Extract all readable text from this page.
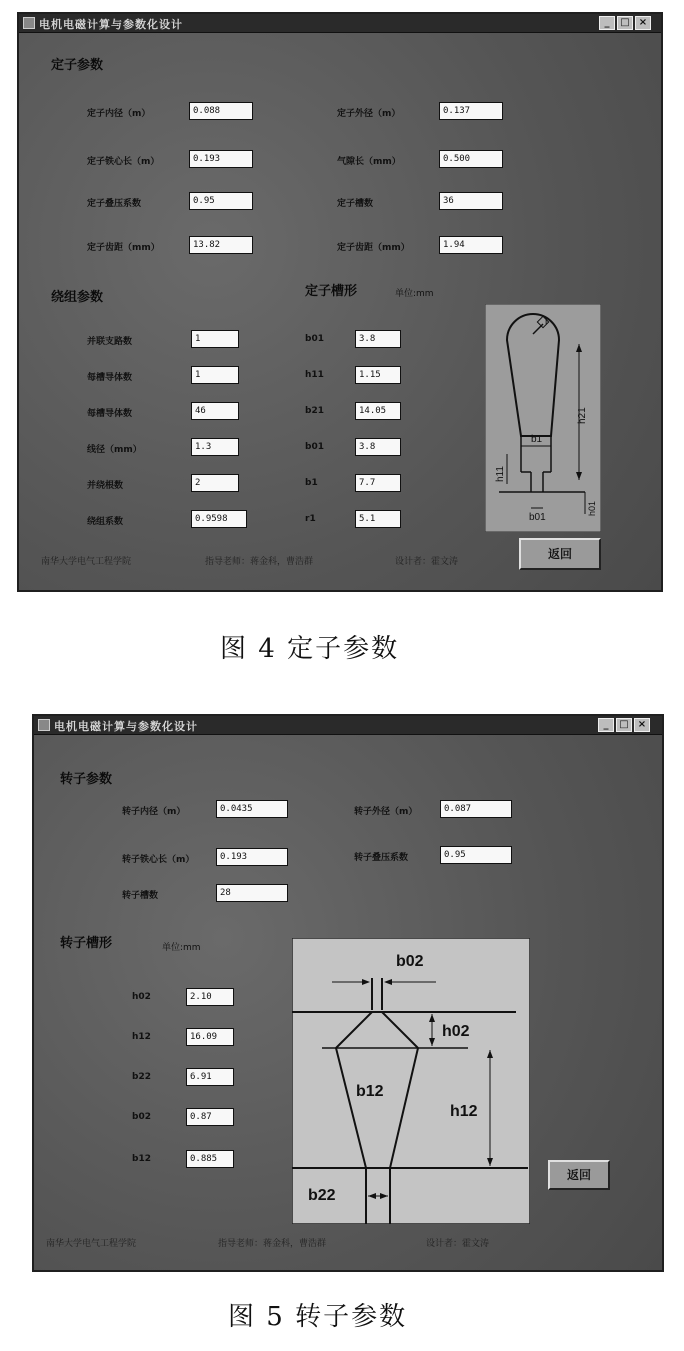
电机电磁计算与参数化设计	_	□ ×
定子参数
定子内径（m）	0.088	定子外径（m）	0.137
定子铁心长（m）	0.193	气隙长（mm）	0.500
定子叠压系数	0.95	定子槽数	36
定子齿距（mm）	13.82	定子齿距（mm）	1.94
绕组参数	定子槽形	单位:mm
并联支路数	1
每槽导体数	1
每槽导体数	46
线径（mm）	1.3
并绕根数	2
绕组系数	0.9598
b01	3.8
h11	1.15
b21	14.05
b01	3.8
b1	7.7
r1	5.1
r
b1
b01
h21
h11
h01
南华大学电气工程学院	指导老师：蒋金科，曹浩群	设计者：霍文涛
返回
图 4 定子参数
电机电磁计算与参数化设计	_	□ ×
转子参数
转子内径（m）	0.0435	转子外径（m）	0.087
转子铁心长（m）	0.193	转子叠压系数	0.95
转子槽数	28
转子槽形	单位:mm
h02	2.10
h12	16.09
b22	6.91
b02	0.87
b12	0.885
b02
h02
b12
h12
b22
返回
南华大学电气工程学院	指导老师：蒋金科，曹浩群	设计者：霍文涛
图 5 转子参数
